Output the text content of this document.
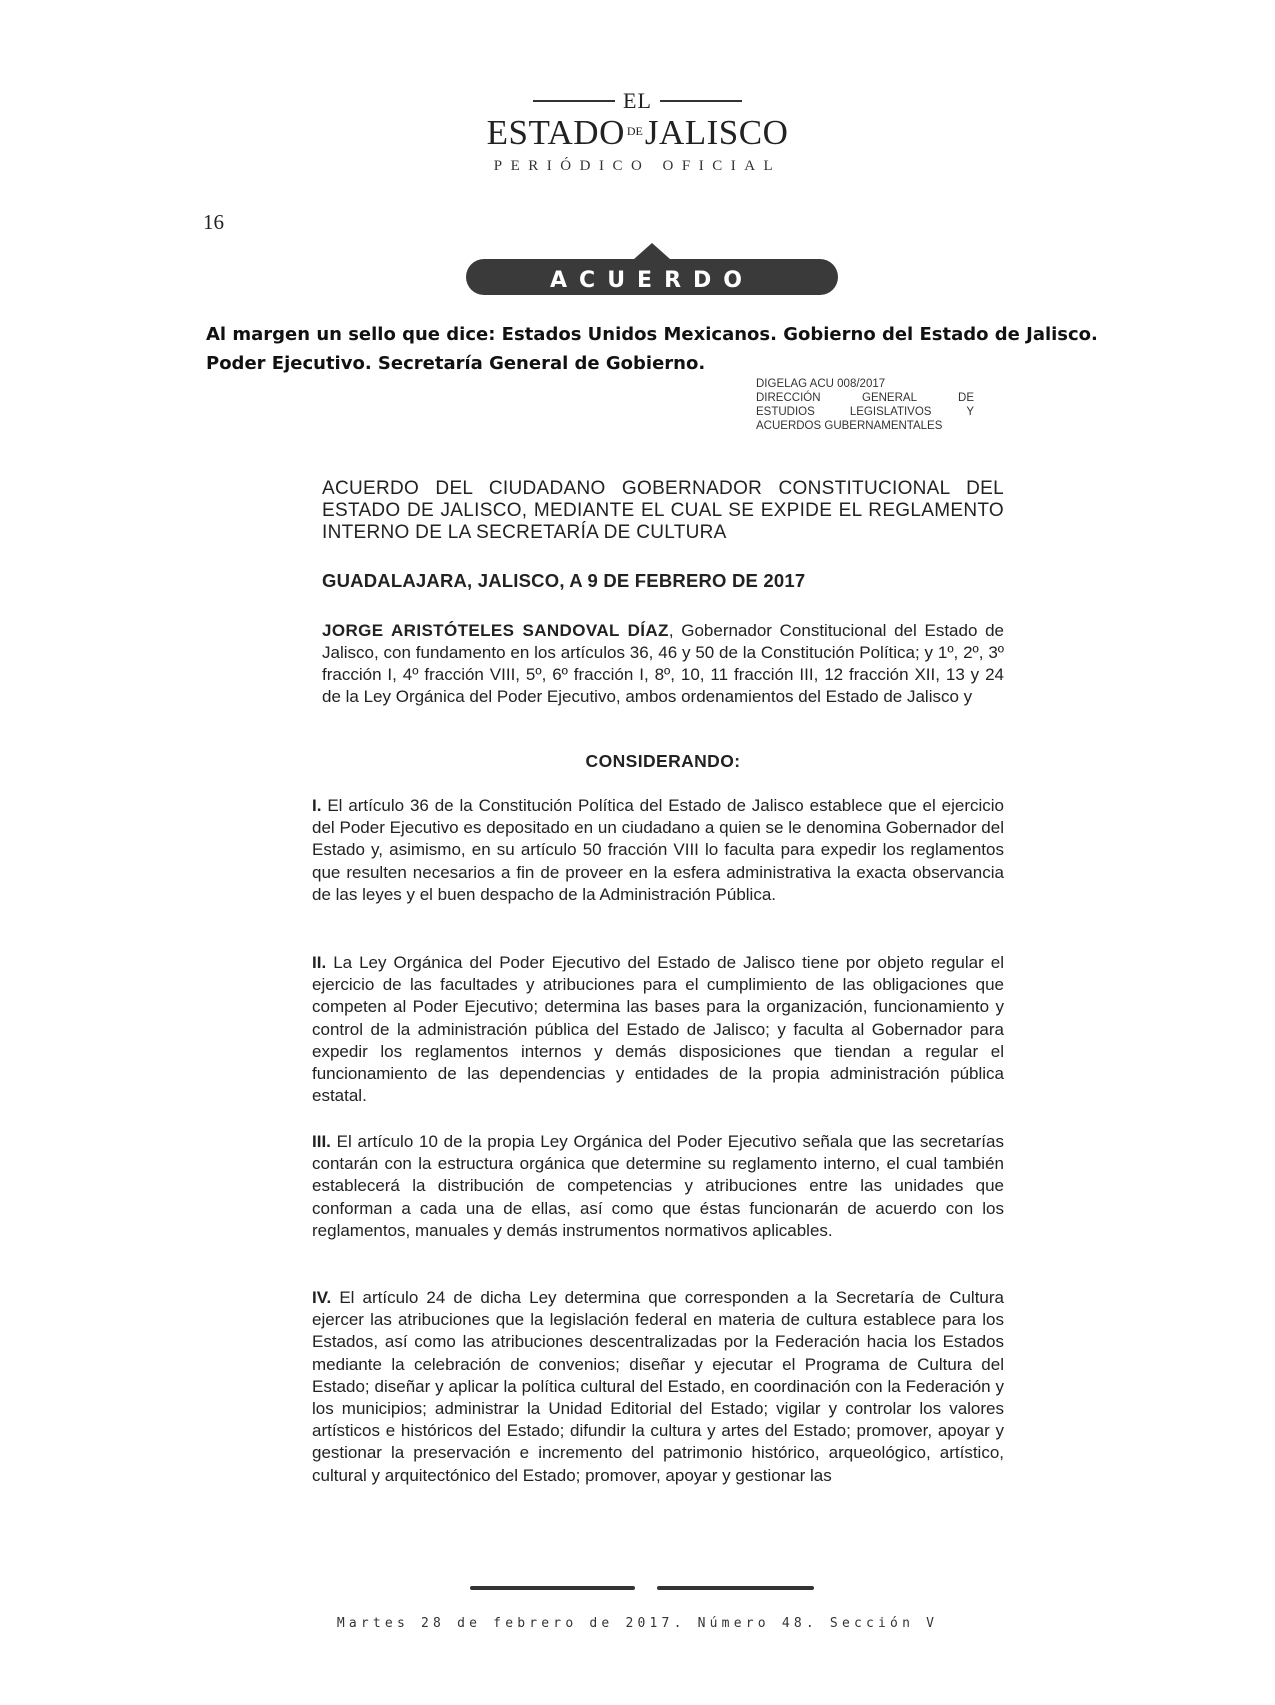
EL
ESTADO $^{DE}$JALISCO
PERIÓDICO OFICIAL
16
ACUERDO
Al margen un sello que dice: Estados Unidos Mexicanos. Gobierno del Estado de Jalisco. Poder Ejecutivo. Secretaría General de Gobierno.
DIGELAG ACU 008/2017
DIRECCIÓN GENERAL DE
ESTUDIOS LEGISLATIVOS Y
ACUERDOS GUBERNAMENTALES
ACUERDO DEL CIUDADANO GOBERNADOR CONSTITUCIONAL DEL
ESTADO DE JALISCO, MEDIANTE EL CUAL SE EXPIDE EL REGLAMENTO
INTERNO DE LA SECRETARÍA DE CULTURA
GUADALAJARA, JALISCO, A 9 DE FEBRERO DE 2017
JORGE ARISTÓTELES SANDOVAL DÍAZ, Gobernador Constitucional del Estado de Jalisco, con fundamento en los artículos 36, 46 y 50 de la Constitución Política; y 1º, 2º, 3º fracción I, 4º fracción VIII, 5º, 6º fracción I, 8º, 10, 11 fracción III, 12 fracción XII, 13 y 24 de la Ley Orgánica del Poder Ejecutivo, ambos ordenamientos del Estado de Jalisco y
CONSIDERANDO:
I. El artículo 36 de la Constitución Política del Estado de Jalisco establece que el ejercicio del Poder Ejecutivo es depositado en un ciudadano a quien se le denomina Gobernador del Estado y, asimismo, en su artículo 50 fracción VIII lo faculta para expedir los reglamentos que resulten necesarios a fin de proveer en la esfera administrativa la exacta observancia de las leyes y el buen despacho de la Administración Pública.
II. La Ley Orgánica del Poder Ejecutivo del Estado de Jalisco tiene por objeto regular el ejercicio de las facultades y atribuciones para el cumplimiento de las obligaciones que competen al Poder Ejecutivo; determina las bases para la organización, funcionamiento y control de la administración pública del Estado de Jalisco; y faculta al Gobernador para expedir los reglamentos internos y demás disposiciones que tiendan a regular el funcionamiento de las dependencias y entidades de la propia administración pública estatal.
III. El artículo 10 de la propia Ley Orgánica del Poder Ejecutivo señala que las secretarías contarán con la estructura orgánica que determine su reglamento interno, el cual también establecerá la distribución de competencias y atribuciones entre las unidades que conforman a cada una de ellas, así como que éstas funcionarán de acuerdo con los reglamentos, manuales y demás instrumentos normativos aplicables.
IV. El artículo 24 de dicha Ley determina que corresponden a la Secretaría de Cultura ejercer las atribuciones que la legislación federal en materia de cultura establece para los Estados, así como las atribuciones descentralizadas por la Federación hacia los Estados mediante la celebración de convenios; diseñar y ejecutar el Programa de Cultura del Estado; diseñar y aplicar la política cultural del Estado, en coordinación con la Federación y los municipios; administrar la Unidad Editorial del Estado; vigilar y controlar los valores artísticos e históricos del Estado; difundir la cultura y artes del Estado; promover, apoyar y gestionar la preservación e incremento del patrimonio histórico, arqueológico, artístico, cultural y arquitectónico del Estado; promover, apoyar y gestionar las
Martes 28 de febrero de 2017. Número 48. Sección V
